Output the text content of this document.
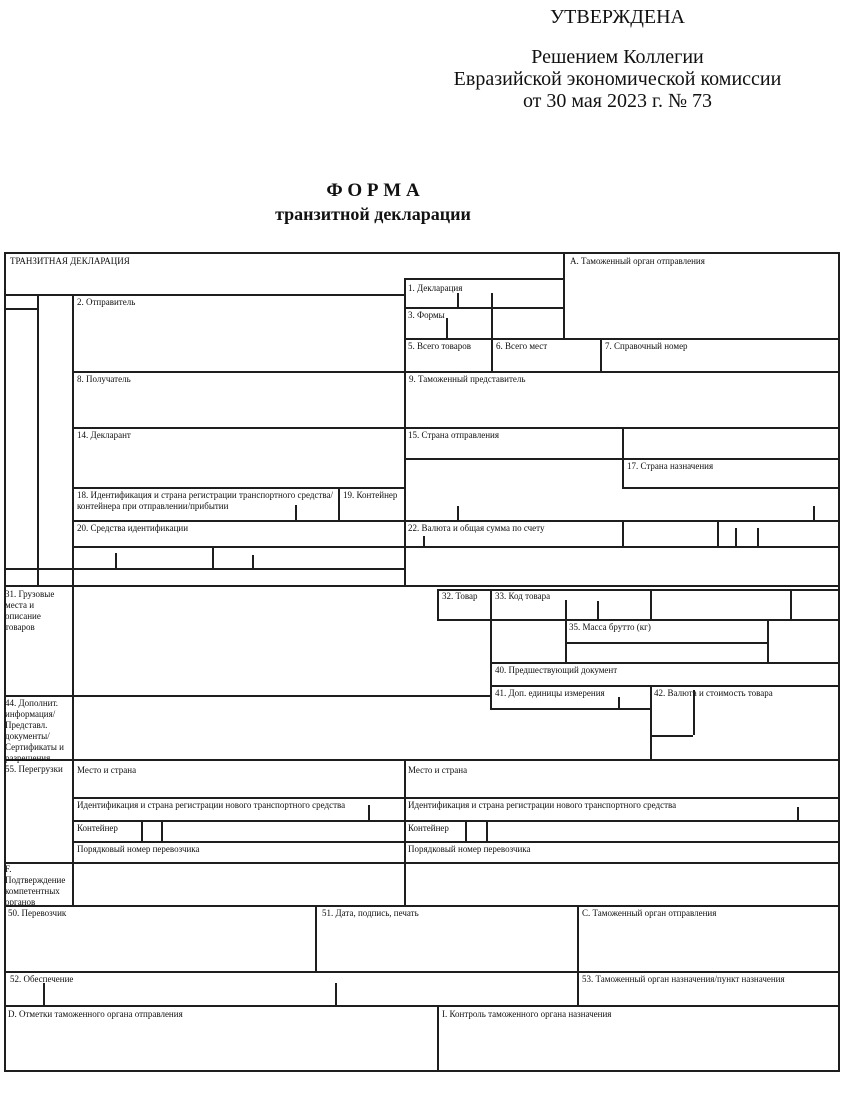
УТВЕРЖДЕНА
Решением Коллегии
Евразийской экономической комиссии
от 30 мая 2023 г. № 73
Ф О Р М А
транзитной декларации
ТРАНЗИТНАЯ ДЕКЛАРАЦИЯ	A. Таможенный орган отправления
1. Декларация
3. Формы
5. Всего товаров	6. Всего мест	7. Справочный номер
2. Отправитель
8. Получатель	9. Таможенный представитель
14. Декларант	15. Страна отправления
17. Страна назначения
18. Идентификация и страна регистрации транспортного средства/контейнера при отправлении/прибытии
19. Контейнер
20. Средства идентификации	22. Валюта и общая сумма по счету
31. Грузовые места и описание товаров
32. Товар 33. Код товара
35. Масса брутто (кг)
40. Предшествующий документ
41. Доп. единицы измерения	42. Валюта и стоимость товара
44. Дополнит. информация/ Представл. документы/ Сертификаты и разрешения
55. Перегрузки Место и страна	Место и страна
Идентификация и страна регистрации нового транспортного средства	Идентификация и страна регистрации нового транспортного средства
Контейнер	Контейнер
Порядковый номер перевозчика	Порядковый номер перевозчика
F. Подтверждение компетентных органов
50. Перевозчик	51. Дата, подпись, печать	C. Таможенный орган отправления
52. Обеспечение	53. Таможенный орган назначения/пункт назначения
D. Отметки таможенного органа отправления	I. Контроль таможенного органа назначения
